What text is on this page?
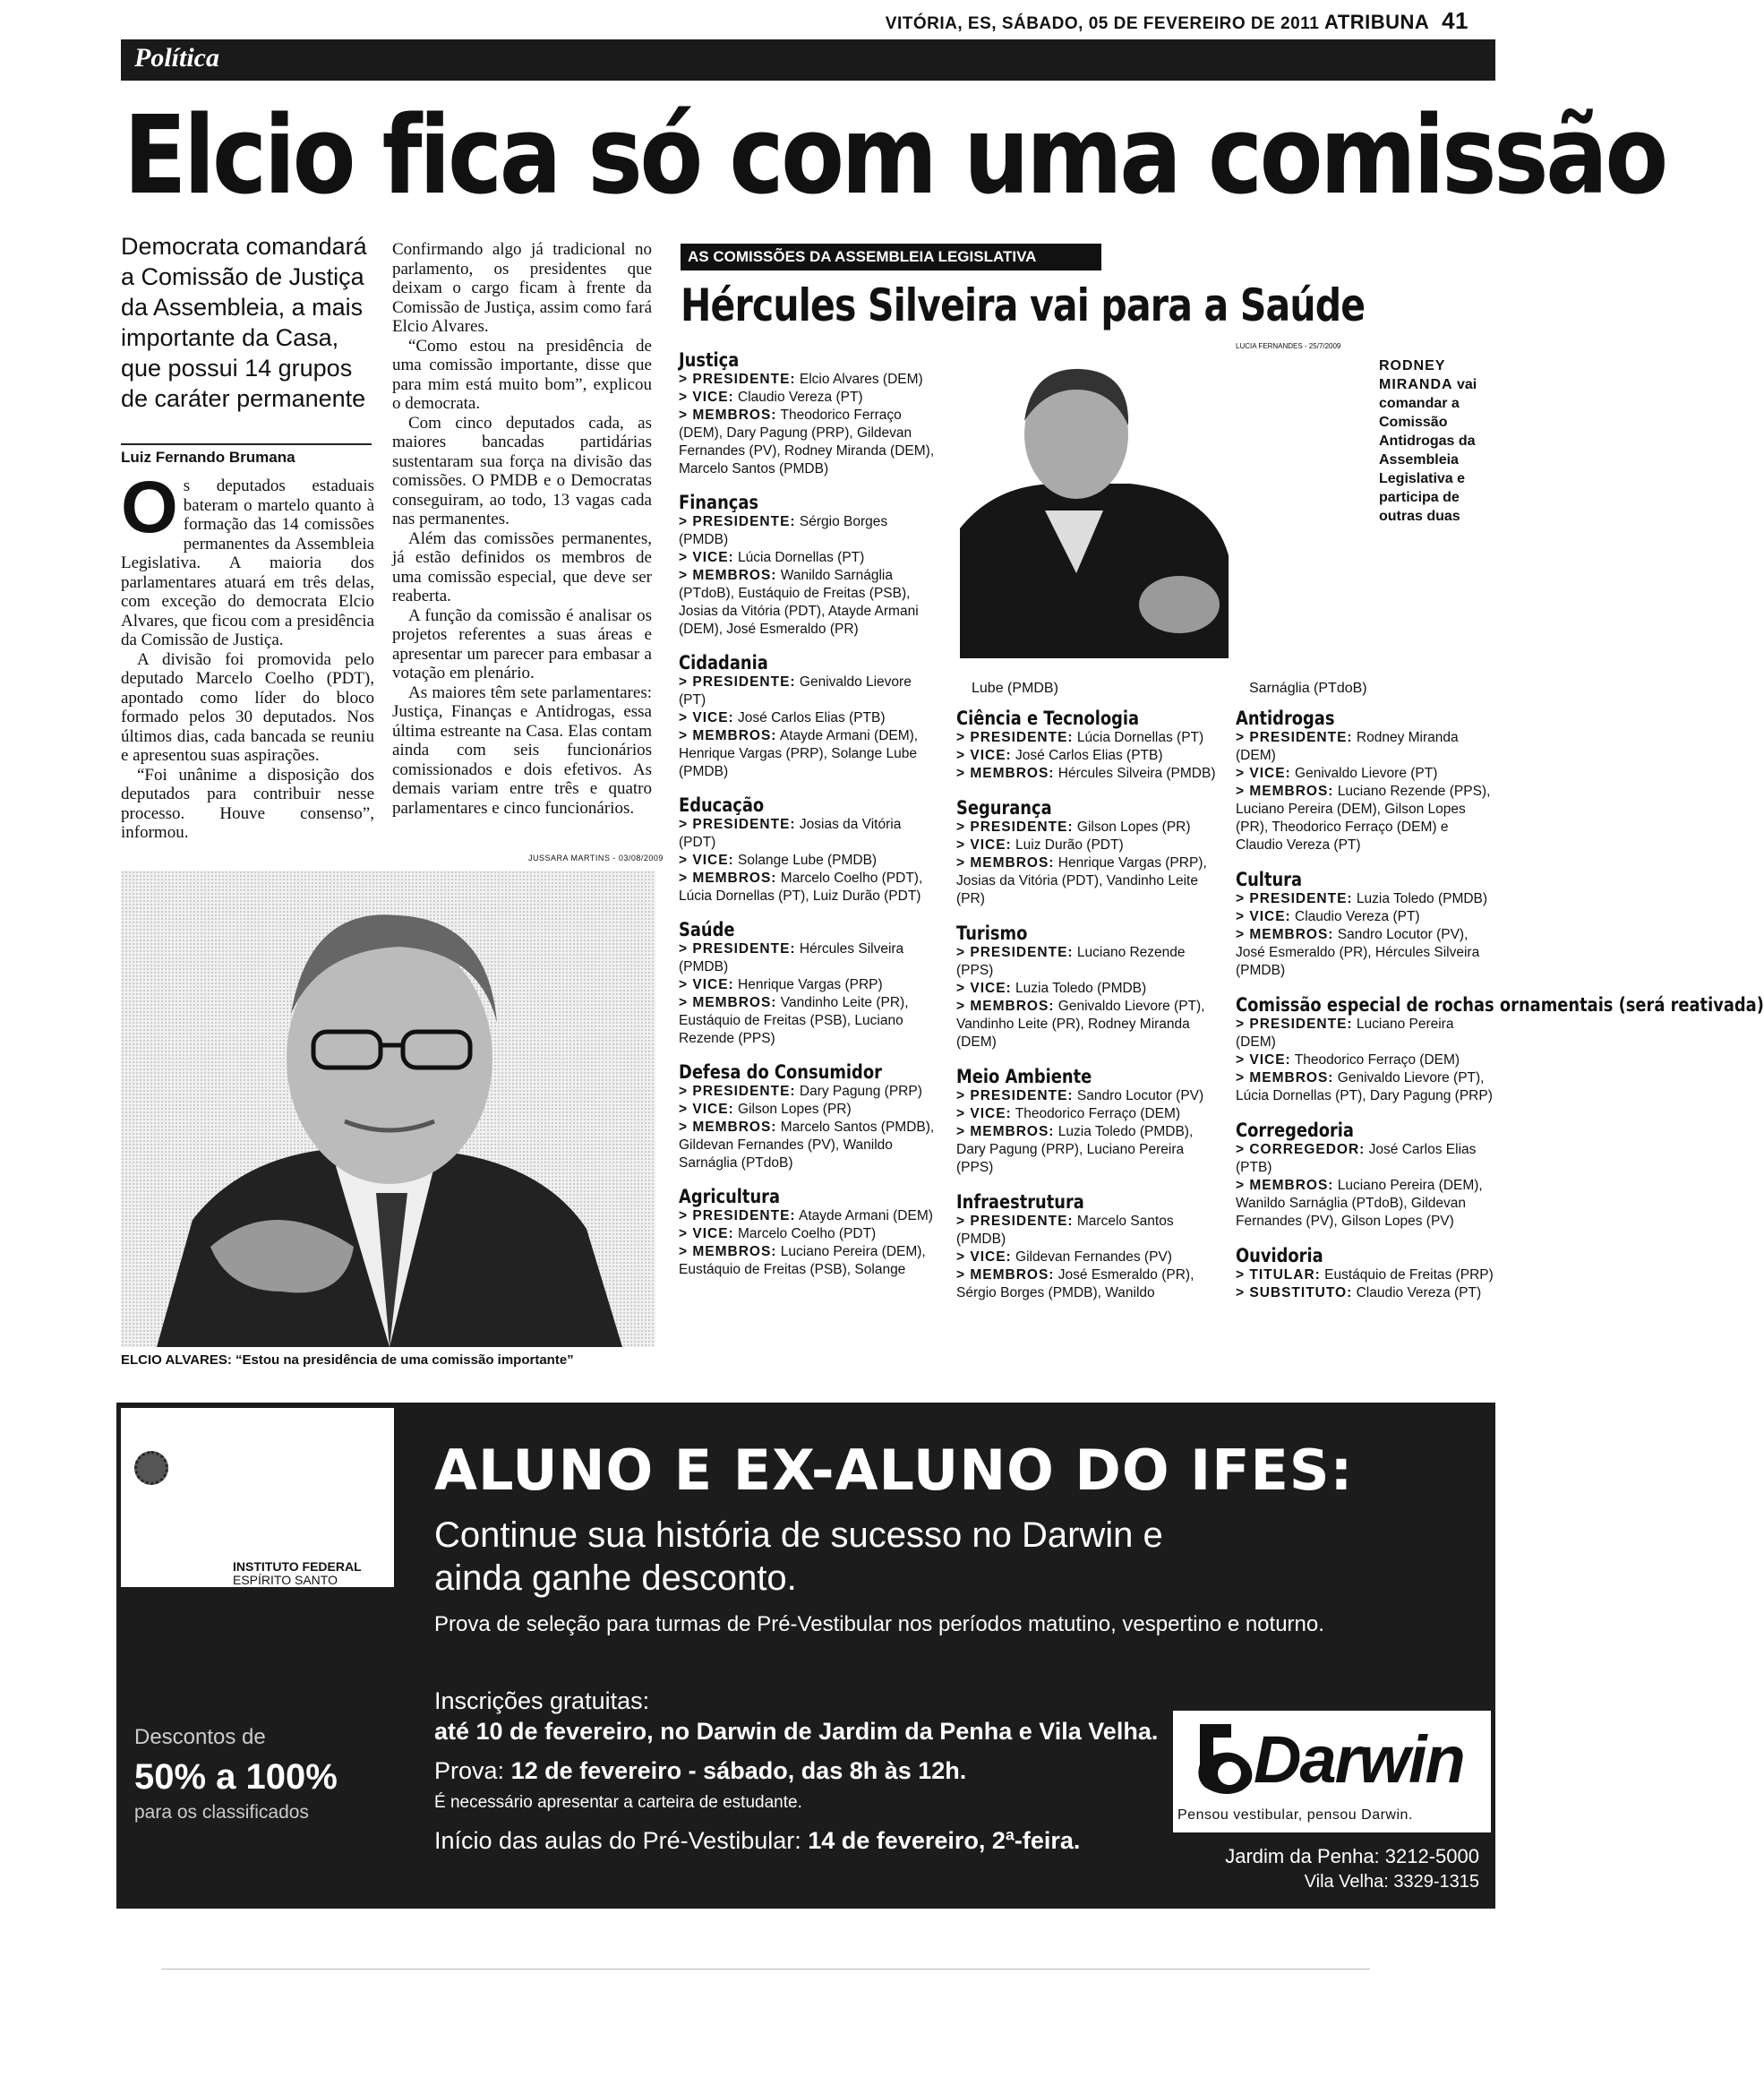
VITÓRIA, ES, SÁBADO, 05 DE FEVEREIRO DE 2011 ATRIBUNA 41
Política
Elcio fica só com uma comissão
Democrata comandará a Comissão de Justiça da Assembleia, a mais importante da Casa, que possui 14 grupos de caráter permanente
Luiz Fernando Brumana

Os deputados estaduais bateram o martelo quanto à formação das 14 comissões permanentes da Assembleia Legislativa. A maioria dos parlamentares atuará em três delas, com exceção do democrata Elcio Alvares, que ficou com a presidência da Comissão de Justiça.

A divisão foi promovida pelo deputado Marcelo Coelho (PDT), apontado como líder do bloco formado pelos 30 deputados. Nos últimos dias, cada bancada se reuniu e apresentou suas aspirações.

“Foi unânime a disposição dos deputados para contribuir nesse processo. Houve consenso”, informou.

Confirmando algo já tradicional no parlamento, os presidentes que deixam o cargo ficam à frente da Comissão de Justiça, assim como fará Elcio Alvares.

“Como estou na presidência de uma comissão importante, disse que para mim está muito bom”, explicou o democrata.

Com cinco deputados cada, as maiores bancadas partidárias sustentaram sua força na divisão das comissões. O PMDB e o Democratas conseguiram, ao todo, 13 vagas cada nas permanentes.

Além das comissões permanentes, já estão definidos os membros de uma comissão especial, que deve ser reaberta.

A função da comissão é analisar os projetos referentes a suas áreas e apresentar um parecer para embasar a votação em plenário.

As maiores têm sete parlamentares: Justiça, Finanças e Antidrogas, essa última estreante na Casa. Elas contam ainda com seis funcionários comissionados e dois efetivos. As demais variam entre três e quatro parlamentares e cinco funcionários.

JUSSARA MARTINS - 03/08/2009
ELCIO ALVARES: “Estou na presidência de uma comissão importante”
AS COMISSÕES DA ASSEMBLEIA LEGISLATIVA
Hércules Silveira vai para a Saúde
LUCIA FERNANDES - 25/7/2009
RODNEY MIRANDA vai comandar a Comissão Antidrogas da Assembleia Legislativa e participa de outras duas
Justiça
> PRESIDENTE: Elcio Alvares (DEM)
> VICE: Claudio Vereza (PT)
> MEMBROS: Theodorico Ferraço (DEM), Dary Pagung (PRP), Gildevan Fernandes (PV), Rodney Miranda (DEM), Marcelo Santos (PMDB)
Finanças
> PRESIDENTE: Sérgio Borges (PMDB)
> VICE: Lúcia Dornellas (PT)
> MEMBROS: Wanildo Sarnáglia (PTdoB), Eustáquio de Freitas (PSB), Josias da Vitória (PDT), Atayde Armani (DEM), José Esmeraldo (PR)
Cidadania
> PRESIDENTE: Genivaldo Lievore (PT)
> VICE: José Carlos Elias (PTB)
> MEMBROS: Atayde Armani (DEM), Henrique Vargas (PRP), Solange Lube (PMDB)
Educação
> PRESIDENTE: Josias da Vitória (PDT)
> VICE: Solange Lube (PMDB)
> MEMBROS: Marcelo Coelho (PDT), Lúcia Dornellas (PT), Luiz Durão (PDT)
Saúde
> PRESIDENTE: Hércules Silveira (PMDB)
> VICE: Henrique Vargas (PRP)
> MEMBROS: Vandinho Leite (PR), Eustáquio de Freitas (PSB), Luciano Rezende (PPS)
Defesa do Consumidor
> PRESIDENTE: Dary Pagung (PRP)
> VICE: Gilson Lopes (PR)
> MEMBROS: Marcelo Santos (PMDB), Gildevan Fernandes (PV), Wanildo Sarnáglia (PTdoB)
Agricultura
> PRESIDENTE: Atayde Armani (DEM)
> VICE: Marcelo Coelho (PDT)
> MEMBROS: Luciano Pereira (DEM), Eustáquio de Freitas (PSB), Solange
Lube (PMDB)
Ciência e Tecnologia
> PRESIDENTE: Lúcia Dornellas (PT)
> VICE: José Carlos Elias (PTB)
> MEMBROS: Hércules Silveira (PMDB)
Segurança
> PRESIDENTE: Gilson Lopes (PR)
> VICE: Luiz Durão (PDT)
> MEMBROS: Henrique Vargas (PRP), Josias da Vitória (PDT), Vandinho Leite (PR)
Turismo
> PRESIDENTE: Luciano Rezende (PPS)
> VICE: Luzia Toledo (PMDB)
> MEMBROS: Genivaldo Lievore (PT), Vandinho Leite (PR), Rodney Miranda (DEM)
Meio Ambiente
> PRESIDENTE: Sandro Locutor (PV)
> VICE: Theodorico Ferraço (DEM)
> MEMBROS: Luzia Toledo (PMDB), Dary Pagung (PRP), Luciano Pereira (PPS)
Infraestrutura
> PRESIDENTE: Marcelo Santos (PMDB)
> VICE: Gildevan Fernandes (PV)
> MEMBROS: José Esmeraldo (PR), Sérgio Borges (PMDB), Wanildo
Sarnáglia (PTdoB)
Antidrogas
> PRESIDENTE: Rodney Miranda (DEM)
> VICE: Genivaldo Lievore (PT)
> MEMBROS: Luciano Rezende (PPS), Luciano Pereira (DEM), Gilson Lopes (PR), Theodorico Ferraço (DEM) e Claudio Vereza (PT)
Cultura
> PRESIDENTE: Luzia Toledo (PMDB)
> VICE: Claudio Vereza (PT)
> MEMBROS: Sandro Locutor (PV), José Esmeraldo (PR), Hércules Silveira (PMDB)
Comissão especial de rochas ornamentais (será reativada)
> PRESIDENTE: Luciano Pereira (DEM)
> VICE: Theodorico Ferraço (DEM)
> MEMBROS: Genivaldo Lievore (PT), Lúcia Dornellas (PT), Dary Pagung (PRP)
Corregedoria
> CORREGEDOR: José Carlos Elias (PTB)
> MEMBROS: Luciano Pereira (DEM), Wanildo Sarnáglia (PTdoB), Gildevan Fernandes (PV), Gilson Lopes (PV)
Ouvidoria
> TITULAR: Eustáquio de Freitas (PRP)
> SUBSTITUTO: Claudio Vereza (PT)
INSTITUTO FEDERAL
ESPÍRITO SANTO
ALUNO E EX-ALUNO DO IFES:
Continue sua história de sucesso no Darwin e ainda ganhe desconto.
Prova de seleção para turmas de Pré-Vestibular nos períodos matutino, vespertino e noturno.
Inscrições gratuitas:
até 10 de fevereiro, no Darwin de Jardim da Penha e Vila Velha.
Prova: 12 de fevereiro - sábado, das 8h às 12h.
É necessário apresentar a carteira de estudante.
Início das aulas do Pré-Vestibular: 14 de fevereiro, 2ª-feira.
Descontos de
50% a 100%
para os classificados
Darwin
Pensou vestibular, pensou Darwin.
Jardim da Penha: 3212-5000
Vila Velha: 3329-1315
